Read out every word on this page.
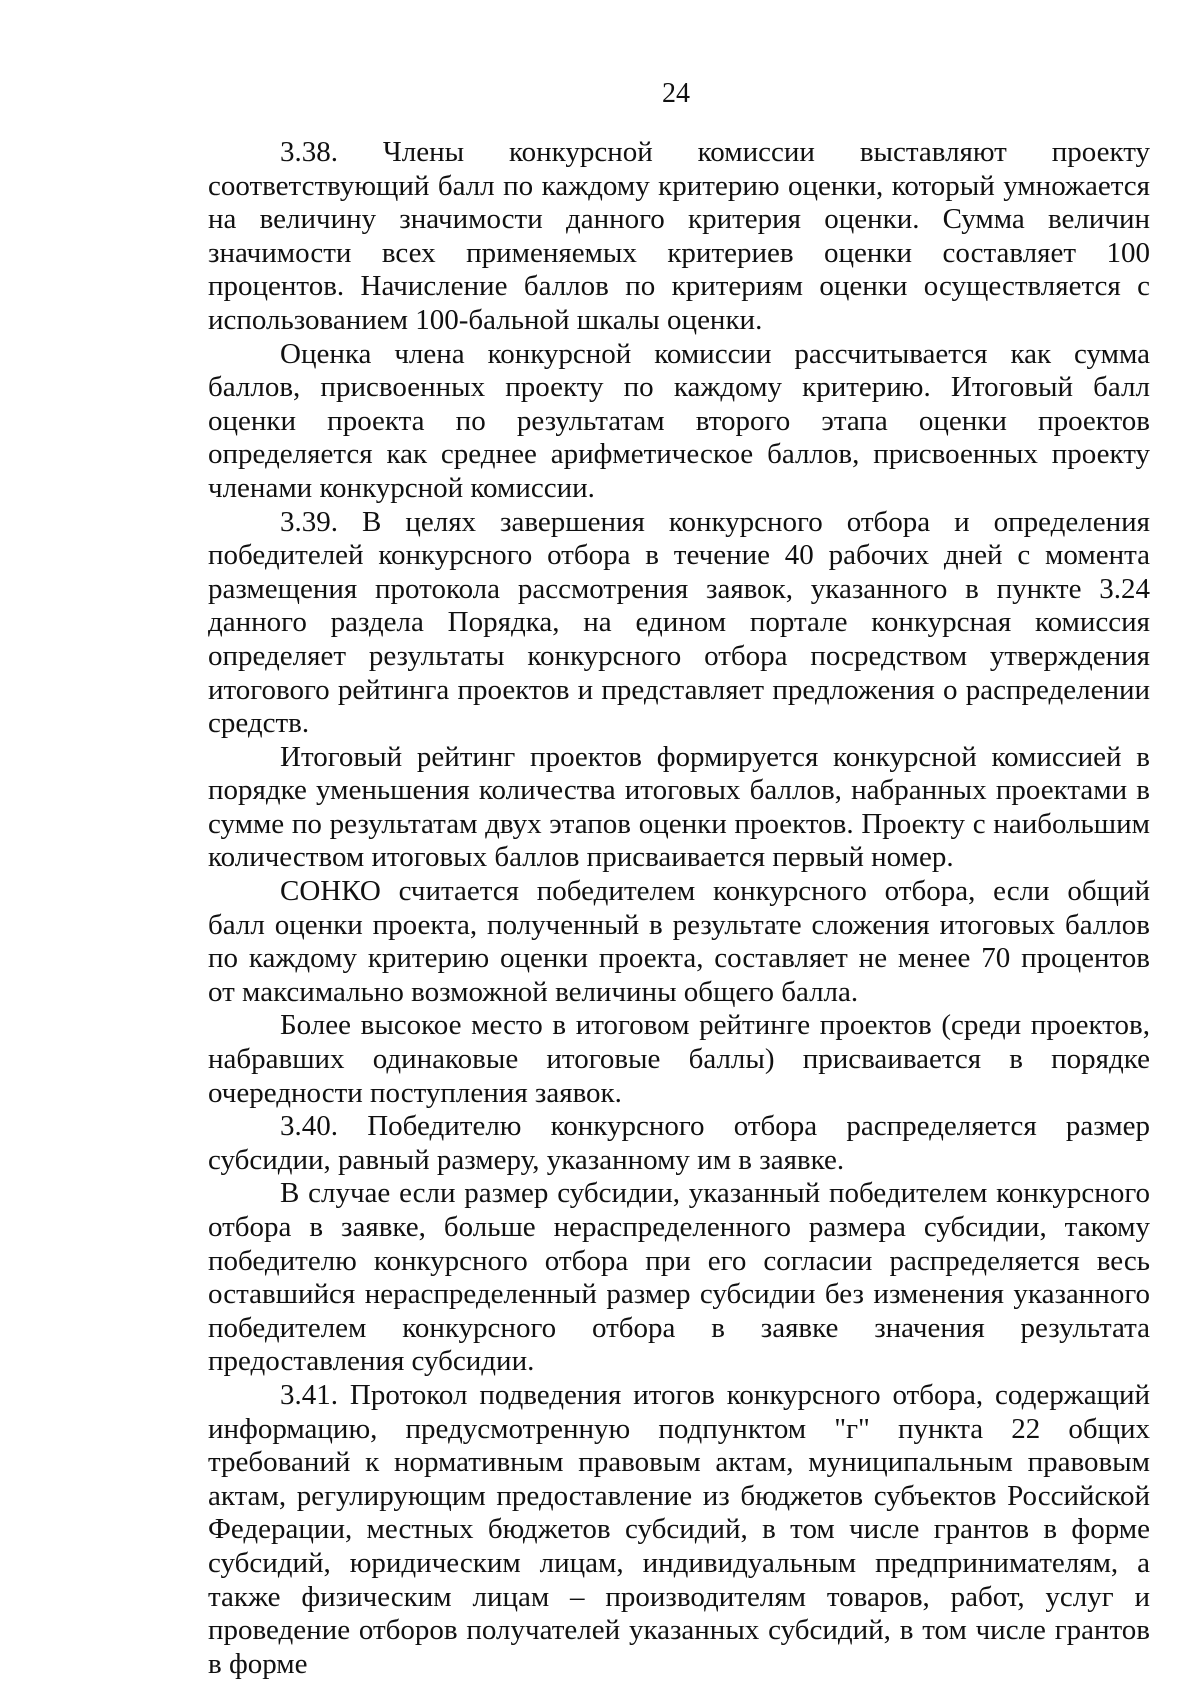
24

3.38. Члены конкурсной комиссии выставляют проекту соответствующий балл по каждому критерию оценки, который умножается на величину значимости данного критерия оценки. Сумма величин значимости всех применяемых критериев оценки составляет 100 процентов. Начисление баллов по критериям оценки осуществляется с использованием 100-бальной шкалы оценки.

Оценка члена конкурсной комиссии рассчитывается как сумма баллов, присвоенных проекту по каждому критерию. Итоговый балл оценки проекта по результатам второго этапа оценки проектов определяется как среднее арифметическое баллов, присвоенных проекту членами конкурсной комиссии.

3.39. В целях завершения конкурсного отбора и определения победителей конкурсного отбора в течение 40 рабочих дней с момента размещения протокола рассмотрения заявок, указанного в пункте 3.24 данного раздела Порядка, на едином портале конкурсная комиссия определяет результаты конкурсного отбора посредством утверждения итогового рейтинга проектов и представляет предложения о распределении средств.

Итоговый рейтинг проектов формируется конкурсной комиссией в порядке уменьшения количества итоговых баллов, набранных проектами в сумме по результатам двух этапов оценки проектов. Проекту с наибольшим количеством итоговых баллов присваивается первый номер.

СОНКО считается победителем конкурсного отбора, если общий балл оценки проекта, полученный в результате сложения итоговых баллов по каждому критерию оценки проекта, составляет не менее 70 процентов от максимально возможной величины общего балла.

Более высокое место в итоговом рейтинге проектов (среди проектов, набравших одинаковые итоговые баллы) присваивается в порядке очередности поступления заявок.

3.40. Победителю конкурсного отбора распределяется размер субсидии, равный размеру, указанному им в заявке.

В случае если размер субсидии, указанный победителем конкурсного отбора в заявке, больше нераспределенного размера субсидии, такому победителю конкурсного отбора при его согласии распределяется весь оставшийся нераспределенный размер субсидии без изменения указанного победителем конкурсного отбора в заявке значения результата предоставления субсидии.

3.41. Протокол подведения итогов конкурсного отбора, содержащий информацию, предусмотренную подпунктом "г" пункта 22 общих требований к нормативным правовым актам, муниципальным правовым актам, регулирующим предоставление из бюджетов субъектов Российской Федерации, местных бюджетов субсидий, в том числе грантов в форме субсидий, юридическим лицам, индивидуальным предпринимателям, а также физическим лицам – производителям товаров, работ, услуг и проведение отборов получателей указанных субсидий, в том числе грантов в форме
